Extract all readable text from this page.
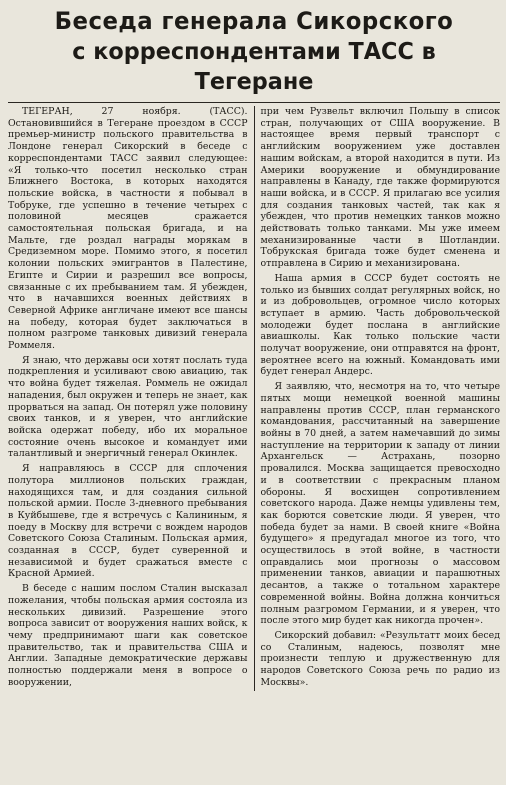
Беседа генерала Сикорского
с корреспондентами ТАСС в Тегеране

ТЕГЕРАН, 27 ноября. (ТАСС). Остановившийся в Тегеране проездом в СССР премьер-министр польского правительства в Лондоне генерал Сикорский в беседе с корреспондентами ТАСС заявил следующее: «Я только-что посетил несколько стран Ближнего Востока, в которых находятся польские войска, в частности я побывал в Тобруке, где успешно в течение четырех с половиной месяцев сражается самостоятельная польская бригада, и на Мальте, где роздал награды морякам в Средиземном море. Помимо этого, я посетил колонии польских эмигрантов в Палестине, Египте и Сирии и разрешил все вопросы, связанные с их пребыванием там. Я убежден, что в начавшихся военных действиях в Северной Африке англичане имеют все шансы на победу, которая будет заключаться в полном разгроме танковых дивизий генерала Роммеля.

Я знаю, что державы оси хотят послать туда подкрепления и усиливают свою авиацию, так что война будет тяжелая. Роммель не ожидал нападения, был окружен и теперь не знает, как прорваться на запад. Он потерял уже половину своих танков, и я уверен, что английские войска одержат победу, ибо их моральное состояние очень высокое и командует ими талантливый и энергичный генерал Окинлек.

Я направляюсь в СССР для сплочения полутора миллионов польских граждан, находящихся там, и для создания сильной польской армии. После 3-дневного пребывания в Куйбышеве, где я встречусь с Калининым, я поеду в Москву для встречи с вождем народов Советского Союза Сталиным. Польская армия, созданная в СССР, будет суверенной и независимой и будет сражаться вместе с Красной Армией.

В беседе с нашим послом Сталин высказал пожелания, чтобы польская армия состояла из нескольких дивизий. Разрешение этого вопроса зависит от вооружения наших войск, к чему предпринимают шаги как советское правительство, так и правительства США и Англии. Западные демократические державы полностью поддержали меня в вопросе о вооружении,

при чем Рузвельт включил Польшу в список стран, получающих от США вооружение. В настоящее время первый транспорт с английским вооружением уже доставлен нашим войскам, а второй находится в пути. Из Америки вооружение и обмундирование направлены в Канаду, где также формируются наши войска, и в СССР. Я прилагаю все усилия для создания танковых частей, так как я убежден, что против немецких танков можно действовать только танками. Мы уже имеем механизированные части в Шотландии. Тобрукская бригада тоже будет сменена и отправлена в Сирию и механизирована.

Наша армия в СССР будет состоять не только из бывших солдат регулярных войск, но и из добровольцев, огромное число которых вступает в армию. Часть добровольческой молодежи будет послана в английские авиашколы. Как только польские части получат вооружение, они отправятся на фронт, вероятнее всего на южный. Командовать ими будет генерал Андерс.

Я заявляю, что, несмотря на то, что четыре пятых мощи немецкой военной машины направлены против СССР, план германского командования, рассчитанный на завершение войны в 70 дней, а затем намечавший до зимы наступление на территории к западу от линии Архангельск — Астрахань, позорно провалился. Москва защищается превосходно и в соответствии с прекрасным планом обороны. Я восхищен сопротивлением советского народа. Даже немцы удивлены тем, как борются советские люди. Я уверен, что победа будет за нами. В своей книге «Война будущего» я предугадал многое из того, что осуществилось в этой войне, в частности оправдались мои прогнозы о массовом применении танков, авиации и парашютных десантов, а также о тотальном характере современной войны. Война должна кончиться полным разгромом Германии, и я уверен, что после этого мир будет как никогда прочен».

Сикорский добавил: «Результатт моих бесед со Сталиным, надеюсь, позволят мне произнести теплую и дружественную для народов Советского Союза речь по радио из Москвы».
